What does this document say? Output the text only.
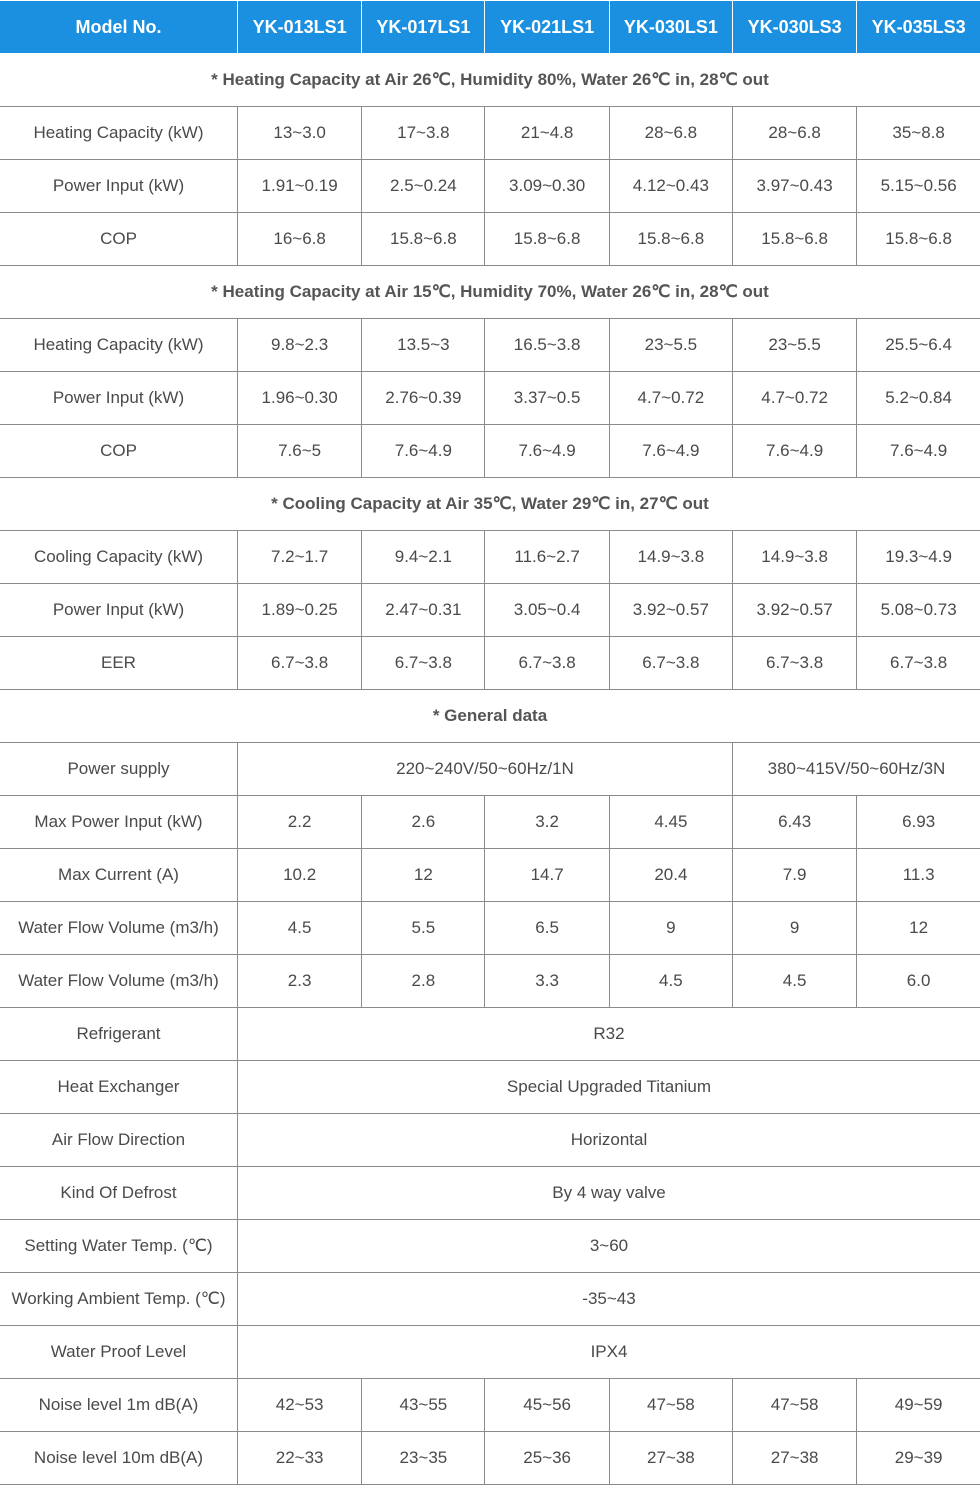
Model No.	YK-013LS1	YK-017LS1	YK-021LS1	YK-030LS1	YK-030LS3	YK-035LS3
* Heating Capacity at Air 26℃, Humidity 80%, Water 26℃ in, 28℃ out						
Heating Capacity (kW)	13~3.0	17~3.8	21~4.8	28~6.8	28~6.8	35~8.8
Power Input (kW)	1.91~0.19	2.5~0.24	3.09~0.30	4.12~0.43	3.97~0.43	5.15~0.56
COP	16~6.8	15.8~6.8	15.8~6.8	15.8~6.8	15.8~6.8	15.8~6.8
* Heating Capacity at Air 15℃, Humidity 70%, Water 26℃ in, 28℃ out						
Heating Capacity (kW)	9.8~2.3	13.5~3	16.5~3.8	23~5.5	23~5.5	25.5~6.4
Power Input (kW)	1.96~0.30	2.76~0.39	3.37~0.5	4.7~0.72	4.7~0.72	5.2~0.84
COP	7.6~5	7.6~4.9	7.6~4.9	7.6~4.9	7.6~4.9	7.6~4.9
* Cooling Capacity at Air 35℃, Water 29℃ in, 27℃ out						
Cooling Capacity (kW)	7.2~1.7	9.4~2.1	11.6~2.7	14.9~3.8	14.9~3.8	19.3~4.9
Power Input (kW)	1.89~0.25	2.47~0.31	3.05~0.4	3.92~0.57	3.92~0.57	5.08~0.73
EER	6.7~3.8	6.7~3.8	6.7~3.8	6.7~3.8	6.7~3.8	6.7~3.8
* General data						
Power supply	220~240V/50~60Hz/1N				380~415V/50~60Hz/3N	
Max Power Input (kW)	2.2	2.6	3.2	4.45	6.43	6.93
Max Current (A)	10.2	12	14.7	20.4	7.9	11.3
Water Flow Volume (m3/h)	4.5	5.5	6.5	9	9	12
Water Flow Volume (m3/h)	2.3	2.8	3.3	4.5	4.5	6.0
Refrigerant	R32					
Heat Exchanger	Special Upgraded Titanium					
Air Flow Direction	Horizontal					
Kind Of Defrost	By 4 way valve					
Setting Water Temp. (℃)	3~60					
Working Ambient Temp. (℃)	-35~43					
Water Proof Level	IPX4					
Noise level 1m dB(A)	42~53	43~55	45~56	47~58	47~58	49~59
Noise level 10m dB(A)	22~33	23~35	25~36	27~38	27~38	29~39
